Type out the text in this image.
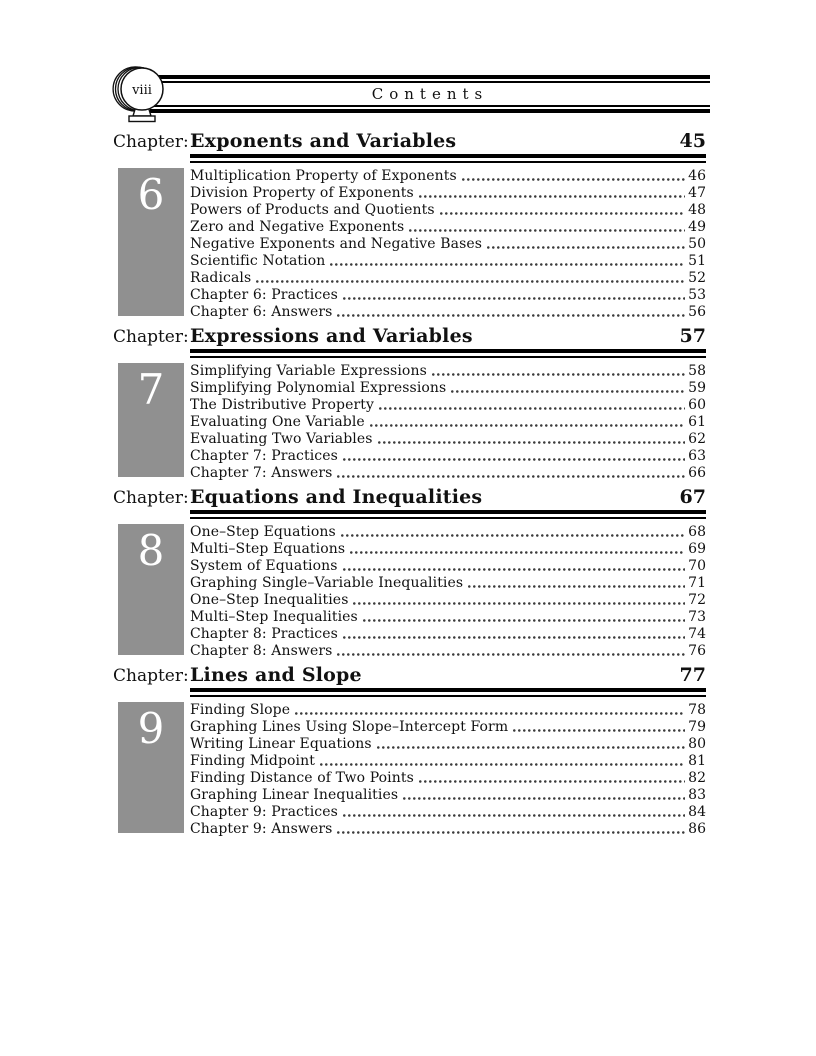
viii	Contents
Chapter: Exponents and Variables	45
6	Multiplication Property of Exponents	46
Division Property of Exponents	47
Powers of Products and Quotients	48
Zero and Negative Exponents	49
Negative Exponents and Negative Bases	50
Scientific Notation	51
Radicals	52
Chapter 6: Practices	53
Chapter 6: Answers	56
Chapter: Expressions and Variables	57
7	Simplifying Variable Expressions	58
Simplifying Polynomial Expressions	59
The Distributive Property	60
Evaluating One Variable	61
Evaluating Two Variables	62
Chapter 7: Practices	63
Chapter 7: Answers	66
Chapter: Equations and Inequalities	67
8	One–Step Equations	68
Multi–Step Equations	69
System of Equations	70
Graphing Single–Variable Inequalities	71
One–Step Inequalities	72
Multi–Step Inequalities	73
Chapter 8: Practices	74
Chapter 8: Answers	76
Chapter: Lines and Slope	77
9	Finding Slope	78
Graphing Lines Using Slope–Intercept Form	79
Writing Linear Equations	80
Finding Midpoint	81
Finding Distance of Two Points	82
Graphing Linear Inequalities	83
Chapter 9: Practices	84
Chapter 9: Answers	86
